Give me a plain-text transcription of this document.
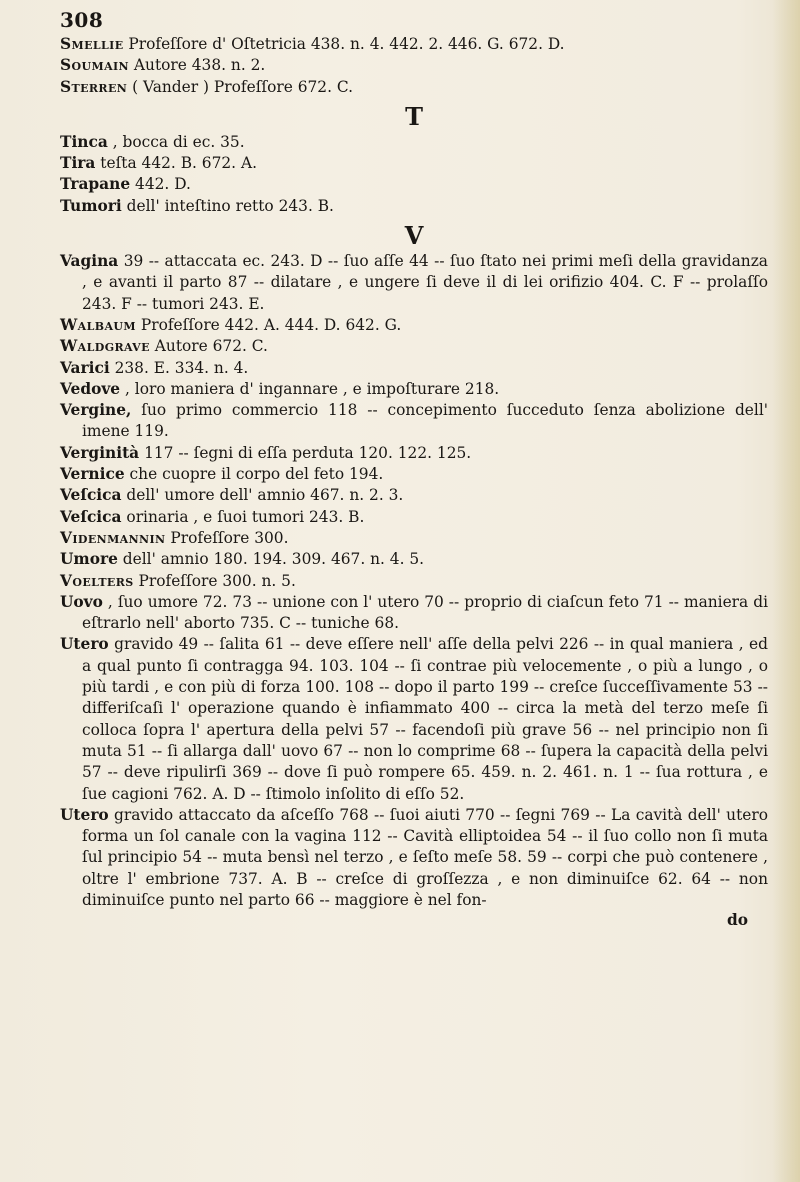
308

Smellie Profeſſore d' Oſtetricia 438. n. 4. 442. 2. 446. G. 672. D.

Soumain Autore 438. n. 2.

Sterren ( Vander ) Profeſſore 672. C.

T

Tinca , bocca di ec. 35.

Tira teſta 442. B. 672. A.

Trapane 442. D.

Tumori dell' inteſtino retto 243. B.

V

Vagina 39 -- attaccata ec. 243. D -- ſuo aſſe 44 -- ſuo ſtato nei primi meſi della gravidanza , e avanti il parto 87 -- dilatare , e ungere ſi deve il di lei orifizio 404. C. F -- prolaſſo 243. F -- tumori 243. E.

Walbaum Profeſſore 442. A. 444. D. 642. G.

Waldgrave Autore 672. C.

Varici 238. E. 334. n. 4.

Vedove , loro maniera d' ingannare , e impoſturare 218.

Vergine, ſuo primo commercio 118 -- concepimento ſucceduto ſenza abolizione dell' imene 119.

Verginità 117 -- ſegni di eſſa perduta 120. 122. 125.

Vernice che cuopre il corpo del feto 194.

Veſcica dell' umore dell' amnio 467. n. 2. 3.

Veſcica orinaria , e ſuoi tumori 243. B.

Videnmannin Profeſſore 300.

Umore dell' amnio 180. 194. 309. 467. n. 4. 5.

Voelters Profeſſore 300. n. 5.

Uovo , ſuo umore 72. 73 -- unione con l' utero 70 -- proprio di ciaſcun feto 71 -- maniera di eſtrarlo nell' aborto 735. C -- tuniche 68.

Utero gravido 49 -- ſalita 61 -- deve eſſere nell' aſſe della pelvi 226 -- in qual maniera , ed a qual punto ſi contragga 94. 103. 104 -- ſi contrae più velocemente , o più a lungo , o più tardi , e con più di forza 100. 108 -- dopo il parto 199 -- creſce ſucceſſivamente 53 -- differiſcaſi l' operazione quando è infiammato 400 -- circa la metà del terzo meſe ſi colloca ſopra l' apertura della pelvi 57 -- facendoſi più grave 56 -- nel principio non ſi muta 51 -- ſi allarga dall' uovo 67 -- non lo comprime 68 -- ſupera la capacità della pelvi 57 -- deve ripulirſi 369 -- dove ſi può rompere 65. 459. n. 2. 461. n. 1 -- ſua rottura , e ſue cagioni 762. A. D -- ſtimolo inſolito di eſſo 52.

Utero gravido attaccato da aſceſſo 768 -- ſuoi aiuti 770 -- ſegni 769 -- La cavità dell' utero forma un ſol canale con la vagina 112 -- Cavità elliptoidea 54 -- il ſuo collo non ſi muta ſul principio 54 -- muta bensì nel terzo , e ſeſto meſe 58. 59 -- corpi che può contenere , oltre l' embrione 737. A. B -- creſce di groſſezza , e non diminuiſce 62. 64 -- non diminuiſce punto nel parto 66 -- maggiore è nel fon-

do
